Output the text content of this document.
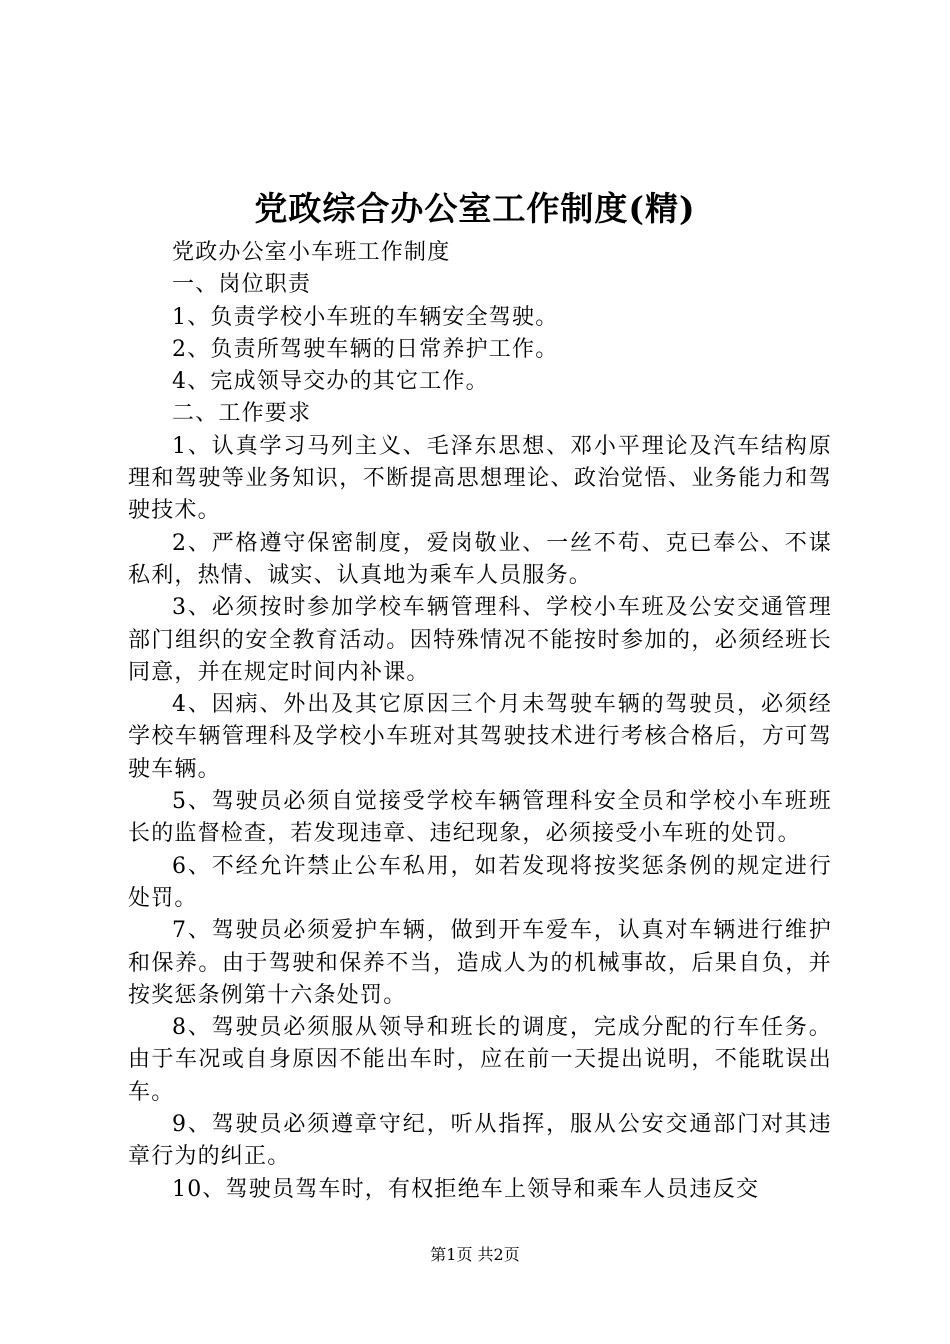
党政综合办公室工作制度(精)

党政办公室小车班工作制度

一、岗位职责

1、负责学校小车班的车辆安全驾驶。

2、负责所驾驶车辆的日常养护工作。

4、完成领导交办的其它工作。

二、工作要求

1、认真学习马列主义、毛泽东思想、邓小平理论及汽车结构原理和驾驶等业务知识，不断提高思想理论、政治觉悟、业务能力和驾驶技术。

2、严格遵守保密制度，爱岗敬业、一丝不苟、克已奉公、不谋私利，热情、诚实、认真地为乘车人员服务。

3、必须按时参加学校车辆管理科、学校小车班及公安交通管理部门组织的安全教育活动。因特殊情况不能按时参加的，必须经班长同意，并在规定时间内补课。

4、因病、外出及其它原因三个月未驾驶车辆的驾驶员，必须经学校车辆管理科及学校小车班对其驾驶技术进行考核合格后，方可驾驶车辆。

5、驾驶员必须自觉接受学校车辆管理科安全员和学校小车班班长的监督检查，若发现违章、违纪现象，必须接受小车班的处罚。

6、不经允许禁止公车私用，如若发现将按奖惩条例的规定进行处罚。

7、驾驶员必须爱护车辆，做到开车爱车，认真对车辆进行维护和保养。由于驾驶和保养不当，造成人为的机械事故，后果自负，并按奖惩条例第十六条处罚。

8、驾驶员必须服从领导和班长的调度，完成分配的行车任务。由于车况或自身原因不能出车时，应在前一天提出说明，不能耽误出车。

9、驾驶员必须遵章守纪，听从指挥，服从公安交通部门对其违章行为的纠正。

10、驾驶员驾车时，有权拒绝车上领导和乘车人员违反交

第1页 共2页
